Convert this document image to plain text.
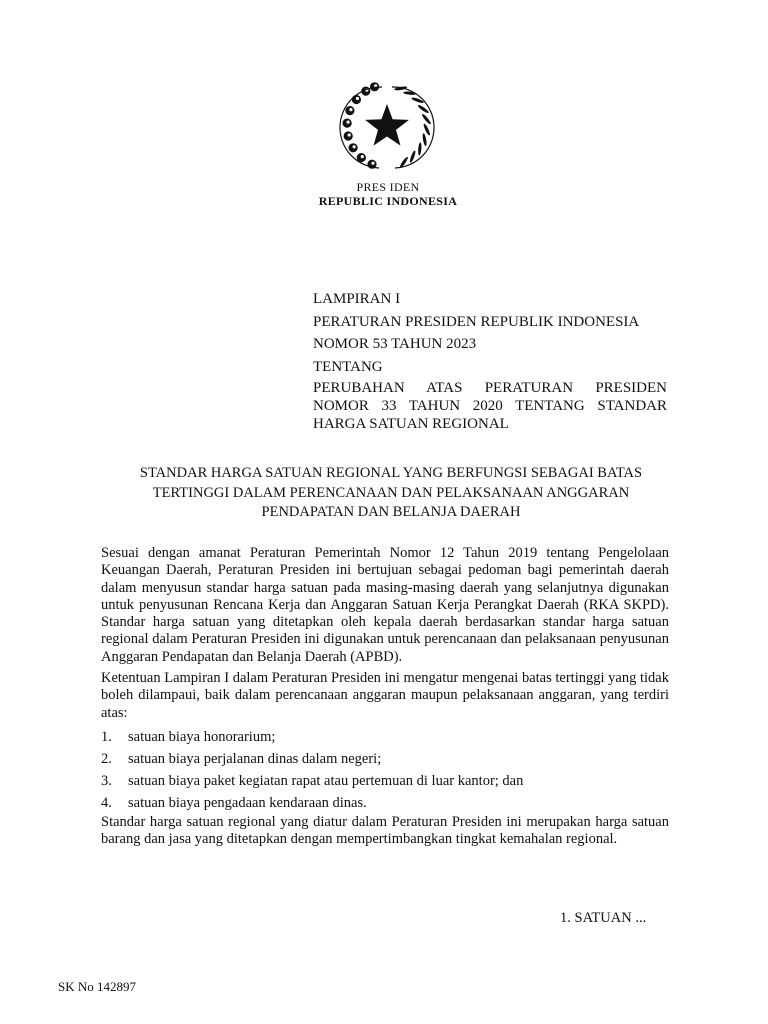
PRES IDEN
REPUBLIC INDONESIA
LAMPIRAN I
PERATURAN PRESIDEN REPUBLIK INDONESIA
NOMOR 53 TAHUN 2023
TENTANG
PERUBAHAN ATAS PERATURAN PRESIDEN NOMOR 33 TAHUN 2020 TENTANG STANDAR HARGA SATUAN REGIONAL
STANDAR HARGA SATUAN REGIONAL YANG BERFUNGSI SEBAGAI BATAS
TERTINGGI DALAM PERENCANAAN DAN PELAKSANAAN ANGGARAN
PENDAPATAN DAN BELANJA DAERAH

Sesuai dengan amanat Peraturan Pemerintah Nomor 12 Tahun 2019 tentang Pengelolaan Keuangan Daerah, Peraturan Presiden ini bertujuan sebagai pedoman bagi pemerintah daerah dalam menyusun standar harga satuan pada masing-masing daerah yang selanjutnya digunakan untuk penyusunan Rencana Kerja dan Anggaran Satuan Kerja Perangkat Daerah (RKA SKPD). Standar harga satuan yang ditetapkan oleh kepala daerah berdasarkan standar harga satuan regional dalam Peraturan Presiden ini digunakan untuk perencanaan dan pelaksanaan penyusunan Anggaran Pendapatan dan Belanja Daerah (APBD).

Ketentuan Lampiran I dalam Peraturan Presiden ini mengatur mengenai batas tertinggi yang tidak boleh dilampaui, baik dalam perencanaan anggaran maupun pelaksanaan anggaran, yang terdiri atas:

1.	satuan biaya honorarium;
2.	satuan biaya perjalanan dinas dalam negeri;
3.	satuan biaya paket kegiatan rapat atau pertemuan di luar kantor; dan
4.	satuan biaya pengadaan kendaraan dinas.

Standar harga satuan regional yang diatur dalam Peraturan Presiden ini merupakan harga satuan barang dan jasa yang ditetapkan dengan mempertimbangkan tingkat kemahalan regional.

1. SATUAN ...
SK No 142897
